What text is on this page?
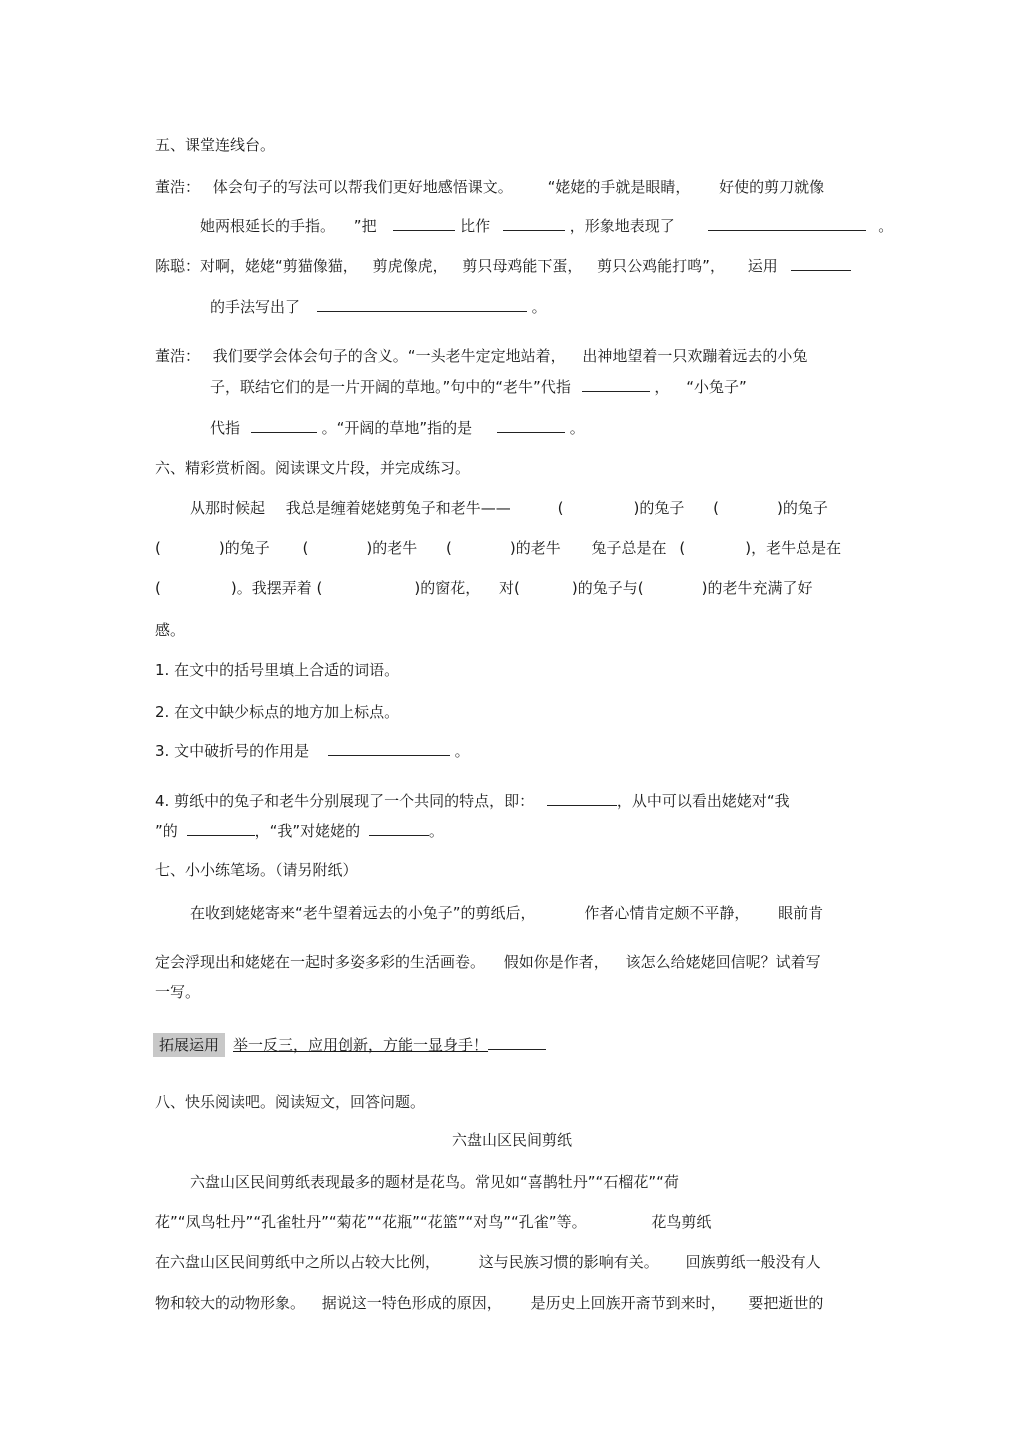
五、课堂连线台。
董浩： 体会句子的写法可以帮我们更好地感悟课文。 “姥姥的手就是眼睛， 好使的剪刀就像
她两根延长的手指。 ”把	比作	，形象地表现了	。
陈聪：对啊，姥姥“剪猫像猫， 剪虎像虎， 剪只母鸡能下蛋， 剪只公鸡能打鸣”， 运用
的手法写出了	。
董浩： 我们要学会体会句子的含义。“一头老牛定定地站着， 出神地望着一只欢蹦着远去的小兔
子，联结它们的是一片开阔的草地。”句中的“老牛”代指	， “小兔子”
代指	。“开阔的草地”指的是	。
六、精彩赏析阁。阅读课文片段，并完成练习。
从那时候起 我总是缠着姥姥剪兔子和老牛——	(	)的兔子 (	)的兔子
(	)的兔子 (	)的老牛 (	)的老牛 兔子总是在 (	)，老牛总是在
(	)。我摆弄着 (	)的窗花， 对(	)的兔子与(	)的老牛充满了好
感。
1. 在文中的括号里填上合适的词语。
2. 在文中缺少标点的地方加上标点。
3. 文中破折号的作用是	。
4. 剪纸中的兔子和老牛分别展现了一个共同的特点，即：	，从中可以看出姥姥对“我
”的	，“我”对姥姥的	。
七、小小练笔场。（请另附纸）
在收到姥姥寄来“老牛望着远去的小兔子”的剪纸后，	作者心情肯定颇不平静， 眼前肯
定会浮现出和姥姥在一起时多姿多彩的生活画卷。 假如你是作者， 该怎么给姥姥回信呢？试着写
一写。
拓展运用 举一反三，应用创新，方能一显身手！
八、快乐阅读吧。阅读短文，回答问题。
六盘山区民间剪纸
六盘山区民间剪纸表现最多的题材是花鸟。常见如“喜鹊牡丹”“石榴花”“荷
花”“凤鸟牡丹”“孔雀牡丹”“菊花”“花瓶”“花篮”“对鸟”“孔雀”等。	花鸟剪纸
在六盘山区民间剪纸中之所以占较大比例，	这与民族习惯的影响有关。 回族剪纸一般没有人
物和较大的动物形象。 据说这一特色形成的原因， 是历史上回族开斋节到来时， 要把逝世的
